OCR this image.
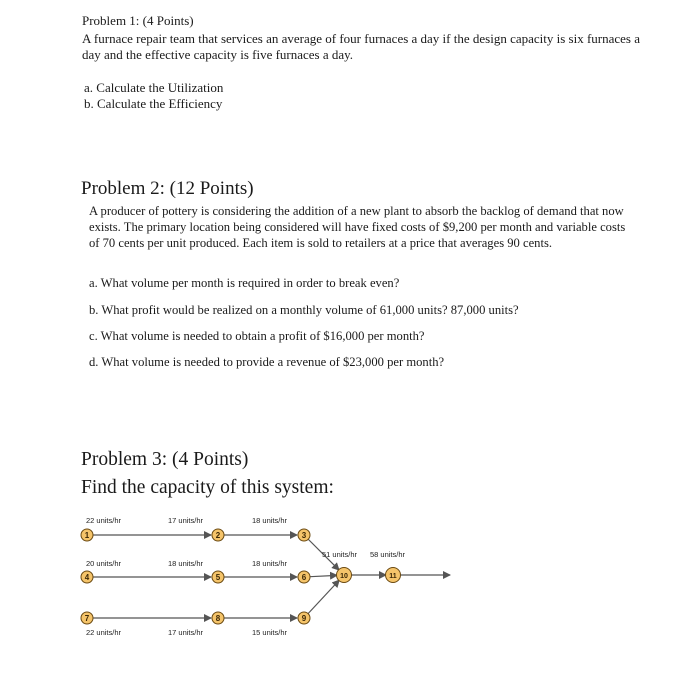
Problem 1: (4 Points)
A furnace repair team that services an average of four furnaces a day if the design capacity is six furnaces a day and the effective capacity is five furnaces a day.
a. Calculate the Utilization
b. Calculate the Efficiency
Problem 2: (12 Points)
A producer of pottery is considering the addition of a new plant to absorb the backlog of demand that now exists. The primary location being considered will have fixed costs of $9,200 per month and variable costs of 70 cents per unit produced. Each item is sold to retailers at a price that averages 90 cents.
a. What volume per month is required in order to break even?
b. What profit would be realized on a monthly volume of 61,000 units? 87,000 units?
c. What volume is needed to obtain a profit of $16,000 per month?
d. What volume is needed to provide a revenue of $23,000 per month?
Problem 3: (4 Points)
Find the capacity of this system:
1	2	3
4	5	6
7	8	9
10	11
22 units/hr	17 units/hr	18 units/hr
20 units/hr	18 units/hr	18 units/hr
22 units/hr	17 units/hr	15 units/hr
51 units/hr 58 units/hr
